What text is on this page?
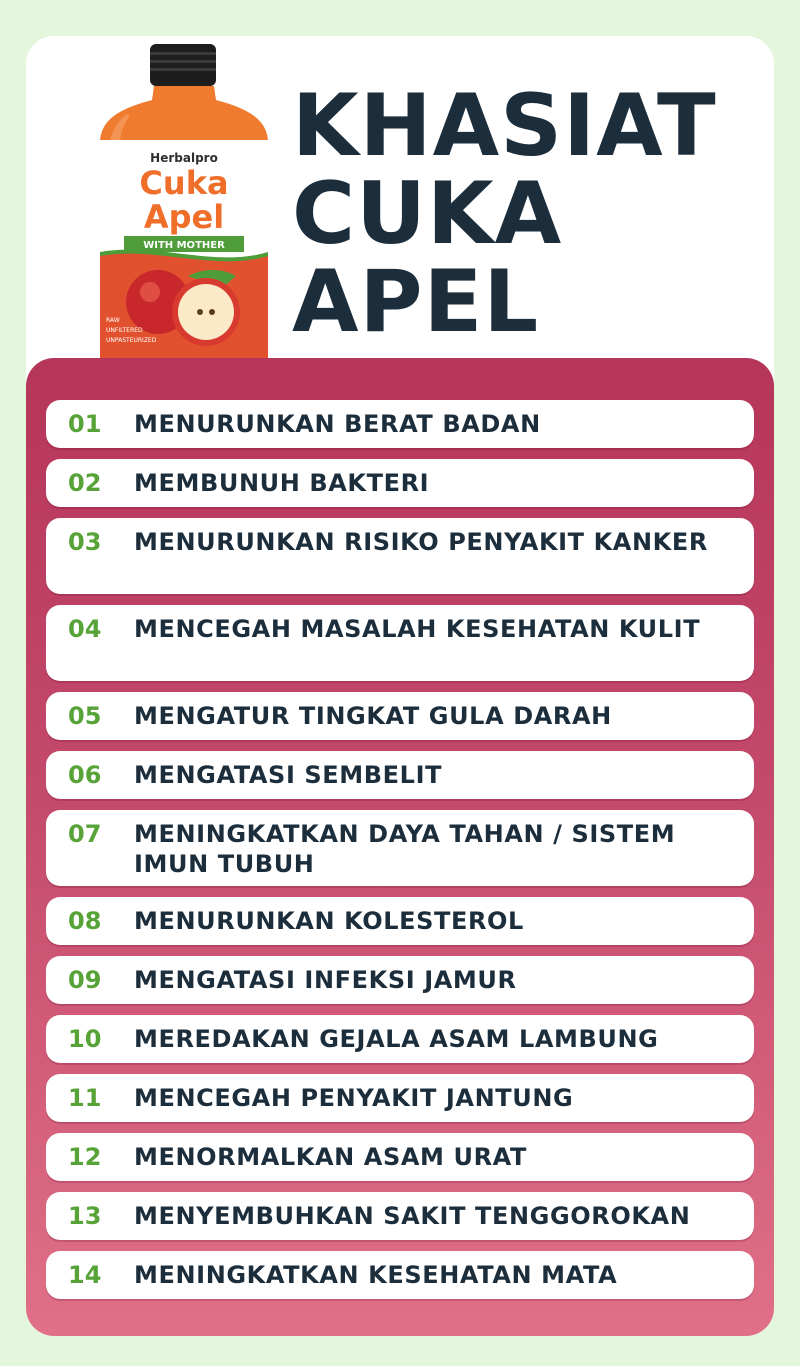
Herbalpro
Cuka
Apel
WITH MOTHER
RAW
UNFILTERED
UNPASTEURIZED
KHASIAT
CUKA
APEL
01	MENURUNKAN BERAT BADAN
02	MEMBUNUH BAKTERI
03	MENURUNKAN RISIKO PENYAKIT KANKER
04	MENCEGAH MASALAH KESEHATAN KULIT
05	MENGATUR TINGKAT GULA DARAH
06	MENGATASI SEMBELIT
07	MENINGKATKAN DAYA TAHAN / SISTEM IMUN TUBUH
08	MENURUNKAN KOLESTEROL
09	MENGATASI INFEKSI JAMUR
10	MEREDAKAN GEJALA ASAM LAMBUNG
11	MENCEGAH PENYAKIT JANTUNG
12	MENORMALKAN ASAM URAT
13	MENYEMBUHKAN SAKIT TENGGOROKAN
14	MENINGKATKAN KESEHATAN MATA
